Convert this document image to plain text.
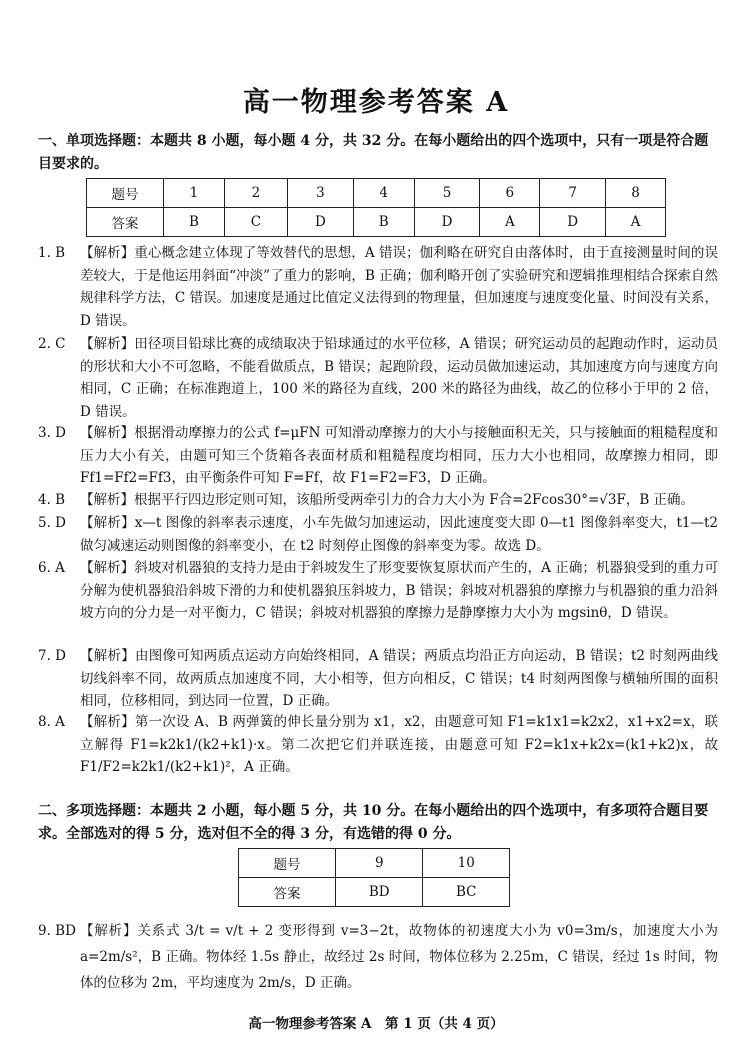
高一物理参考答案 A
一、单项选择题：本题共 8 小题，每小题 4 分，共 32 分。在每小题给出的四个选项中，只有一项是符合题目要求的。
题号	1	2	3	4	5	6	7	8
答案	B	C	D	B	D	A	D	A
1. B	【解析】重心概念建立体现了等效替代的思想，A 错误；伽利略在研究自由落体时，由于直接测量时间的误差较大，于是他运用斜面“冲淡”了重力的影响，B 正确；伽利略开创了实验研究和逻辑推理相结合探索自然规律科学方法，C 错误。加速度是通过比值定义法得到的物理量，但加速度与速度变化量、时间没有关系，D 错误。
2. C	【解析】田径项目铅球比赛的成绩取决于铅球通过的水平位移，A 错误；研究运动员的起跑动作时，运动员的形状和大小不可忽略，不能看做质点，B 错误；起跑阶段，运动员做加速运动，其加速度方向与速度方向相同，C 正确；在标准跑道上，100 米的路径为直线，200 米的路径为曲线，故乙的位移小于甲的 2 倍，D 错误。
3. D	【解析】根据滑动摩擦力的公式 f=μFN 可知滑动摩擦力的大小与接触面积无关，只与接触面的粗糙程度和压力大小有关，由题可知三个货箱各表面材质和粗糙程度均相同，压力大小也相同，故摩擦力相同，即 Ff1=Ff2=Ff3，由平衡条件可知 F=Ff，故 F1=F2=F3，D 正确。
4. B	【解析】根据平行四边形定则可知，该船所受两牵引力的合力大小为 F合=2Fcos30°=√3F，B 正确。
5. D	【解析】x—t 图像的斜率表示速度，小车先做匀加速运动，因此速度变大即 0—t1 图像斜率变大，t1—t2 做匀减速运动则图像的斜率变小，在 t2 时刻停止图像的斜率变为零。故选 D。
6. A	【解析】斜坡对机器狼的支持力是由于斜坡发生了形变要恢复原状而产生的，A 正确；机器狼受到的重力可分解为使机器狼沿斜坡下滑的力和使机器狼压斜坡力，B 错误；斜坡对机器狼的摩擦力与机器狼的重力沿斜坡方向的分力是一对平衡力，C 错误；斜坡对机器狼的摩擦力是静摩擦力大小为 mgsinθ，D 错误。
7. D	【解析】由图像可知两质点运动方向始终相同，A 错误；两质点均沿正方向运动，B 错误；t2 时刻两曲线切线斜率不同，故两质点加速度不同，大小相等，但方向相反，C 错误；t4 时刻两图像与横轴所围的面积相同，位移相同，到达同一位置，D 正确。
8. A	【解析】第一次设 A、B 两弹簧的伸长量分别为 x1，x2，由题意可知 F1=k1x1=k2x2，x1+x2=x，联立解得 F1=k2k1/(k2+k1)·x。第二次把它们并联连接，由题意可知 F2=k1x+k2x=(k1+k2)x，故 F1/F2=k2k1/(k2+k1)²，A 正确。
二、多项选择题：本题共 2 小题，每小题 5 分，共 10 分。在每小题给出的四个选项中，有多项符合题目要求。全部选对的得 5 分，选对但不全的得 3 分，有选错的得 0 分。
题号	9	10
答案	BD	BC
9. BD 【解析】关系式 3/t = v/t + 2 变形得到 v=3−2t，故物体的初速度大小为 v0=3m/s，加速度大小为 a=2m/s²，B 正确。物体经 1.5s 静止，故经过 2s 时间，物体位移为 2.25m，C 错误，经过 1s 时间，物体的位移为 2m，平均速度为 2m/s，D 正确。
高一物理参考答案 A　第 1 页（共 4 页）
